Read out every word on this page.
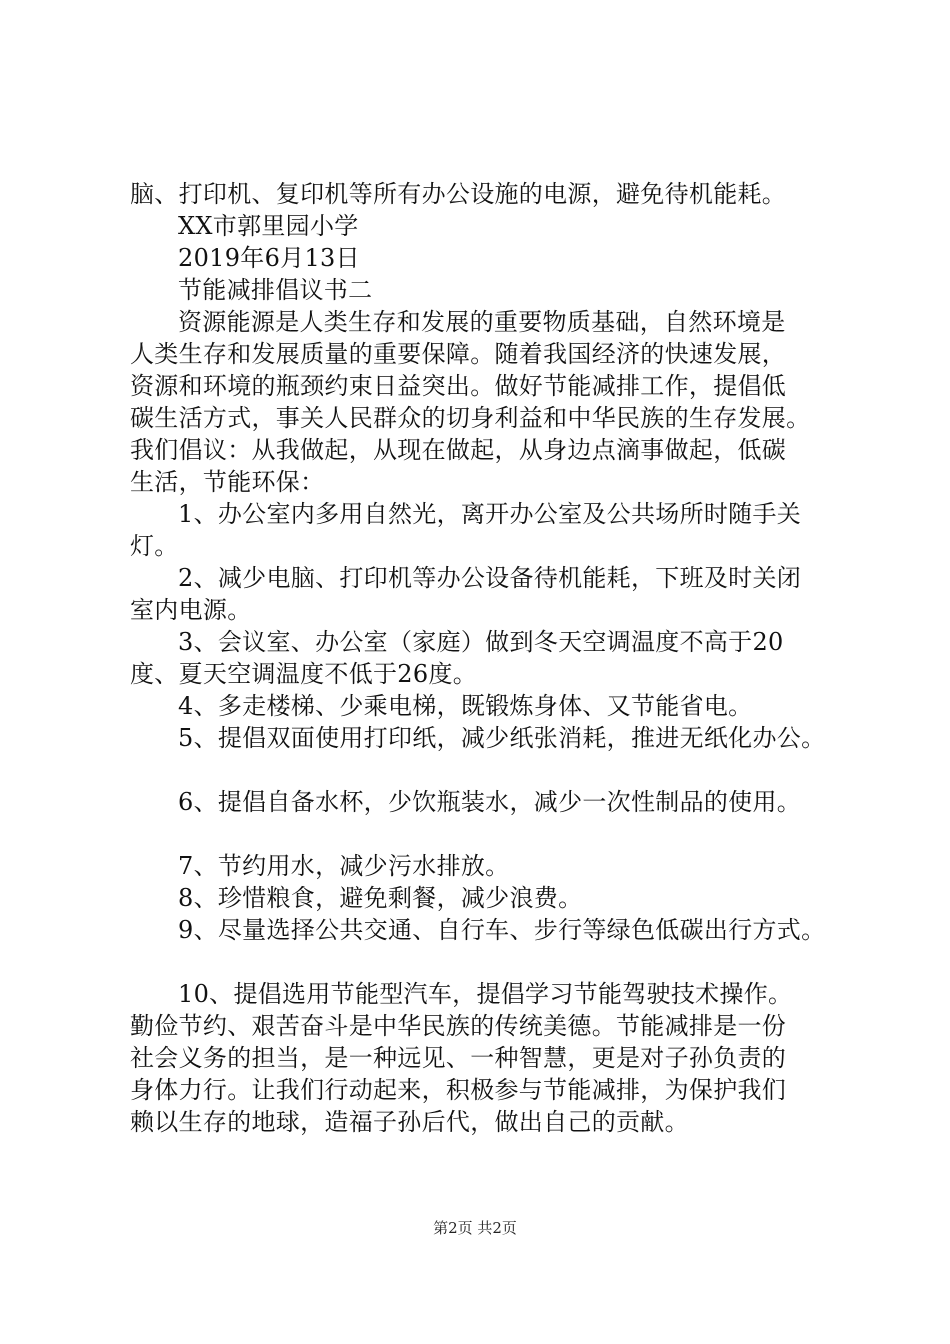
脑、打印机、复印机等所有办公设施的电源，避免待机能耗。
XX市郭里园小学
2019年6月13日
节能减排倡议书二
资源能源是人类生存和发展的重要物质基础，自然环境是
人类生存和发展质量的重要保障。随着我国经济的快速发展，
资源和环境的瓶颈约束日益突出。做好节能减排工作，提倡低
碳生活方式，事关人民群众的切身利益和中华民族的生存发展。
我们倡议：从我做起，从现在做起，从身边点滴事做起，低碳
生活，节能环保：
1、办公室内多用自然光，离开办公室及公共场所时随手关
灯。
2、减少电脑、打印机等办公设备待机能耗，下班及时关闭
室内电源。
3、会议室、办公室（家庭）做到冬天空调温度不高于20
度、夏天空调温度不低于26度。
4、多走楼梯、少乘电梯，既锻炼身体、又节能省电。
5、提倡双面使用打印纸，减少纸张消耗，推进无纸化办公。
6、提倡自备水杯，少饮瓶装水，减少一次性制品的使用。
7、节约用水，减少污水排放。
8、珍惜粮食，避免剩餐，减少浪费。
9、尽量选择公共交通、自行车、步行等绿色低碳出行方式。
10、提倡选用节能型汽车，提倡学习节能驾驶技术操作。
勤俭节约、艰苦奋斗是中华民族的传统美德。节能减排是一份
社会义务的担当，是一种远见、一种智慧，更是对子孙负责的
身体力行。让我们行动起来，积极参与节能减排，为保护我们
赖以生存的地球，造福子孙后代，做出自己的贡献。
第2页 共2页
